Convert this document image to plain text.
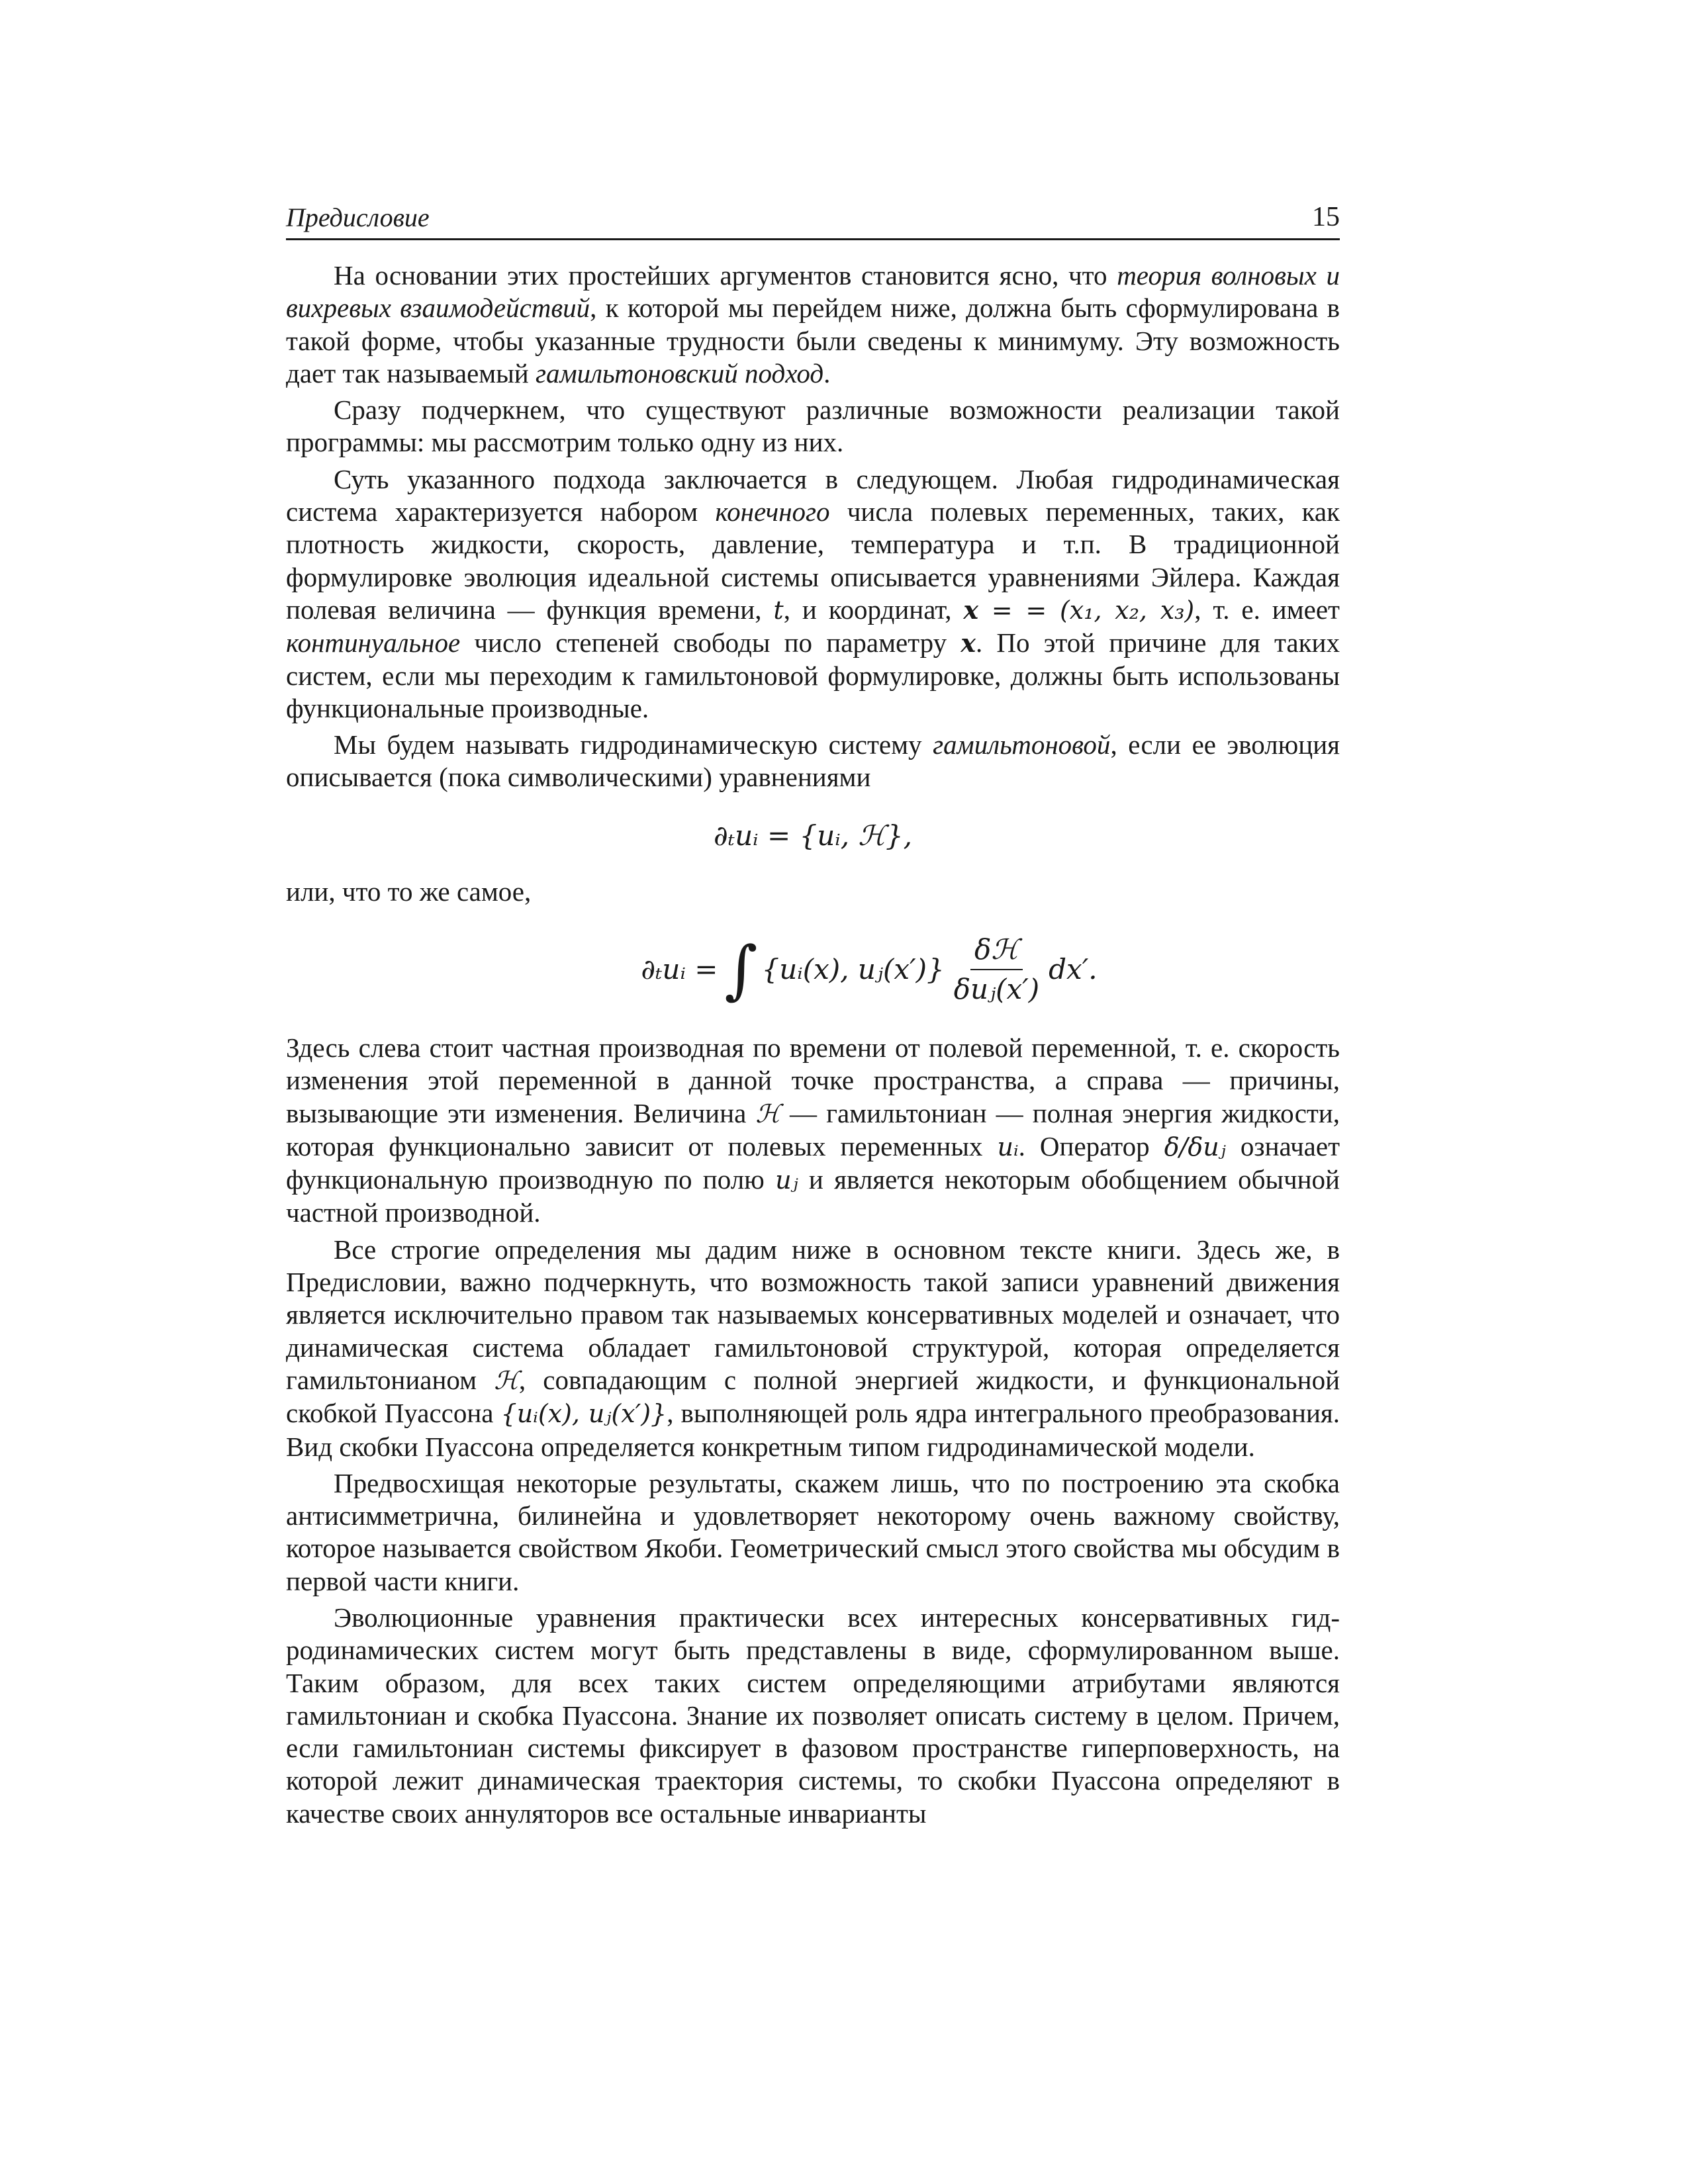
Предисловие	15

На основании этих простейших аргументов становится ясно, что теория волновых и вихревых взаимодействий, к которой мы перейдем ниже, должна быть сформулирована в такой форме, чтобы указанные трудности были сведены к минимуму. Эту возможность дает так называемый гамильтоновский подход.

Сразу подчеркнем, что существуют различные возможности реализации такой программы: мы рассмотрим только одну из них.

Суть указанного подхода заключается в следующем. Любая гидродинамическая система характеризуется набором конечного числа полевых переменных, таких, как плотность жидкости, скорость, давление, температура и т.п. В традиционной формулировке эволюция идеальной системы описывается уравнениями Эйлера. Каждая полевая величина — функция времени, t, и координат, x = = (x₁, x₂, x₃), т. е. имеет континуальное число степеней свободы по параметру x. По этой причине для таких систем, если мы переходим к гамильтоновой формулировке, должны быть использованы функциональные производные.

Мы будем называть гидродинамическую систему гамильтоновой, если ее эволюция описывается (пока символическими) уравнениями

∂ₜuᵢ = {uᵢ, ℋ},

или, что то же самое,

∂ₜuᵢ = ∫ {uᵢ(x), uⱼ(x′)} $\frac{\text{δℋ}}{\text{δuⱼ(x′)}} dx'$.

Здесь слева стоит частная производная по времени от полевой переменной, т. е. скорость изменения этой переменной в данной точке пространства, а справа — причины, вызывающие эти изменения. Величина ℋ — гамильтониан — полная энергия жидкости, которая функционально зависит от полевых переменных uᵢ. Оператор δ/δuⱼ означает функциональную производную по полю uⱼ и является некоторым обобщением обычной частной производной.

Все строгие определения мы дадим ниже в основном тексте книги. Здесь же, в Предисловии, важно подчеркнуть, что возможность такой записи уравнений движения является исключительно правом так называемых консервативных моделей и означает, что динамическая система обладает гамильтоновой структурой, которая определяется гамильтонианом ℋ, совпадающим с полной энергией жидкости, и функциональной скобкой Пуассона {uᵢ(x), uⱼ(x′)}, выполняющей роль ядра интегрального преобразования. Вид скобки Пуассона определяется конкретным типом гидродинамической модели.

Предвосхищая некоторые результаты, скажем лишь, что по построению эта скобка антисимметрична, билинейна и удовлетворяет некоторому очень важному свойству, которое называется свойством Якоби. Геометрический смысл этого свойства мы обсудим в первой части книги.

Эволюционные уравнения практически всех интересных консервативных гидродинамических систем могут быть представлены в виде, сформулированном выше. Таким образом, для всех таких систем определяющими атрибутами являются гамильтониан и скобка Пуассона. Знание их позволяет описать систему в целом. Причем, если гамильтониан системы фиксирует в фазовом пространстве гиперповерхность, на которой лежит динамическая траектория системы, то скобки Пуассона определяют в качестве своих аннуляторов все остальные инварианты
